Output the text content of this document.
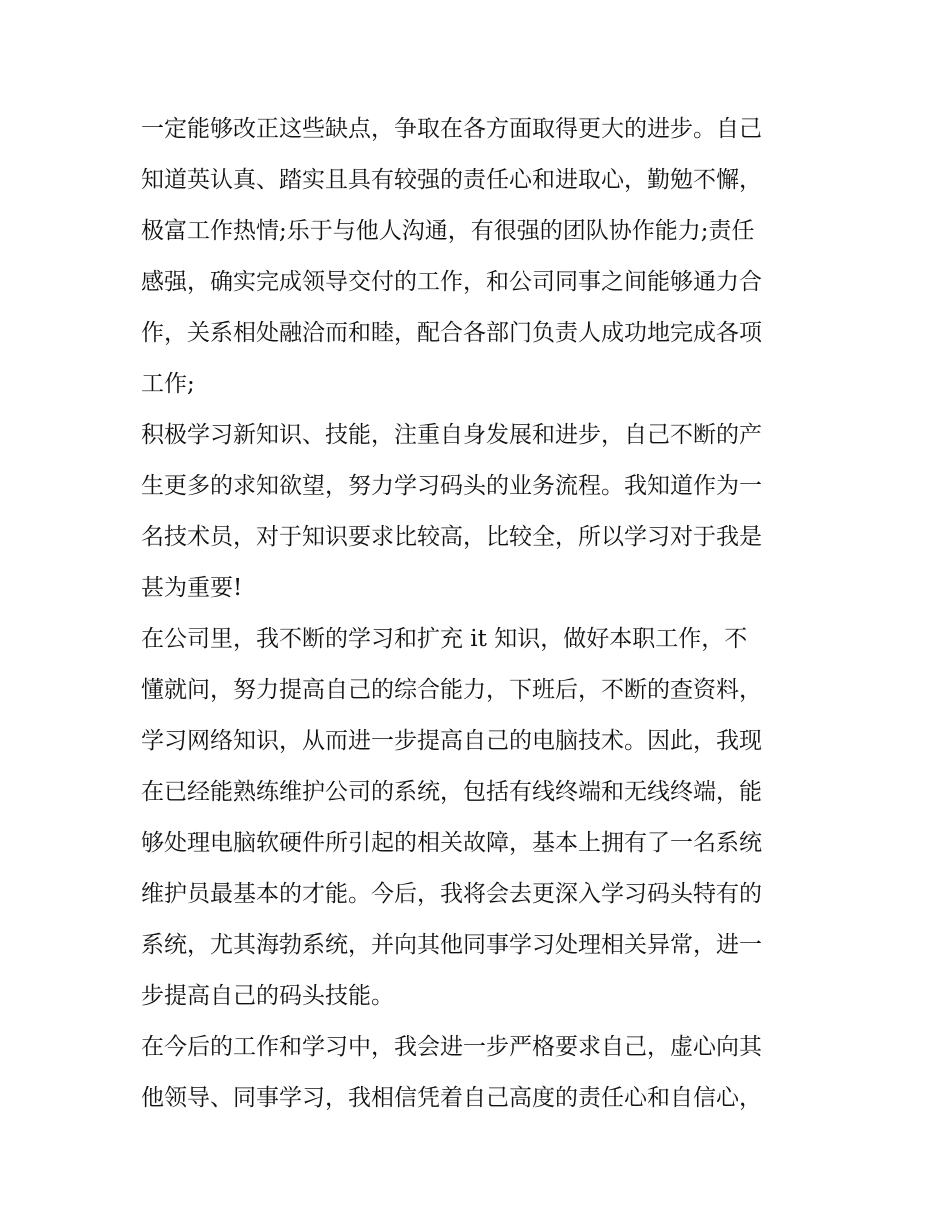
一定能够改正这些缺点，争取在各方面取得更大的进步。自己
知道英认真、踏实且具有较强的责任心和进取心，勤勉不懈，
极富工作热情;乐于与他人沟通，有很强的团队协作能力;责任
感强，确实完成领导交付的工作，和公司同事之间能够通力合
作，关系相处融洽而和睦，配合各部门负责人成功地完成各项
工作;

积极学习新知识、技能，注重自身发展和进步，自己不断的产
生更多的求知欲望，努力学习码头的业务流程。我知道作为一
名技术员，对于知识要求比较高，比较全，所以学习对于我是
甚为重要!

在公司里，我不断的学习和扩充 it 知识，做好本职工作，不
懂就问，努力提高自己的综合能力，下班后，不断的查资料，
学习网络知识，从而进一步提高自己的电脑技术。因此，我现
在已经能熟练维护公司的系统，包括有线终端和无线终端，能
够处理电脑软硬件所引起的相关故障，基本上拥有了一名系统
维护员最基本的才能。今后，我将会去更深入学习码头特有的
系统，尤其海勃系统，并向其他同事学习处理相关异常，进一
步提高自己的码头技能。

在今后的工作和学习中，我会进一步严格要求自己，虚心向其
他领导、同事学习，我相信凭着自己高度的责任心和自信心，
